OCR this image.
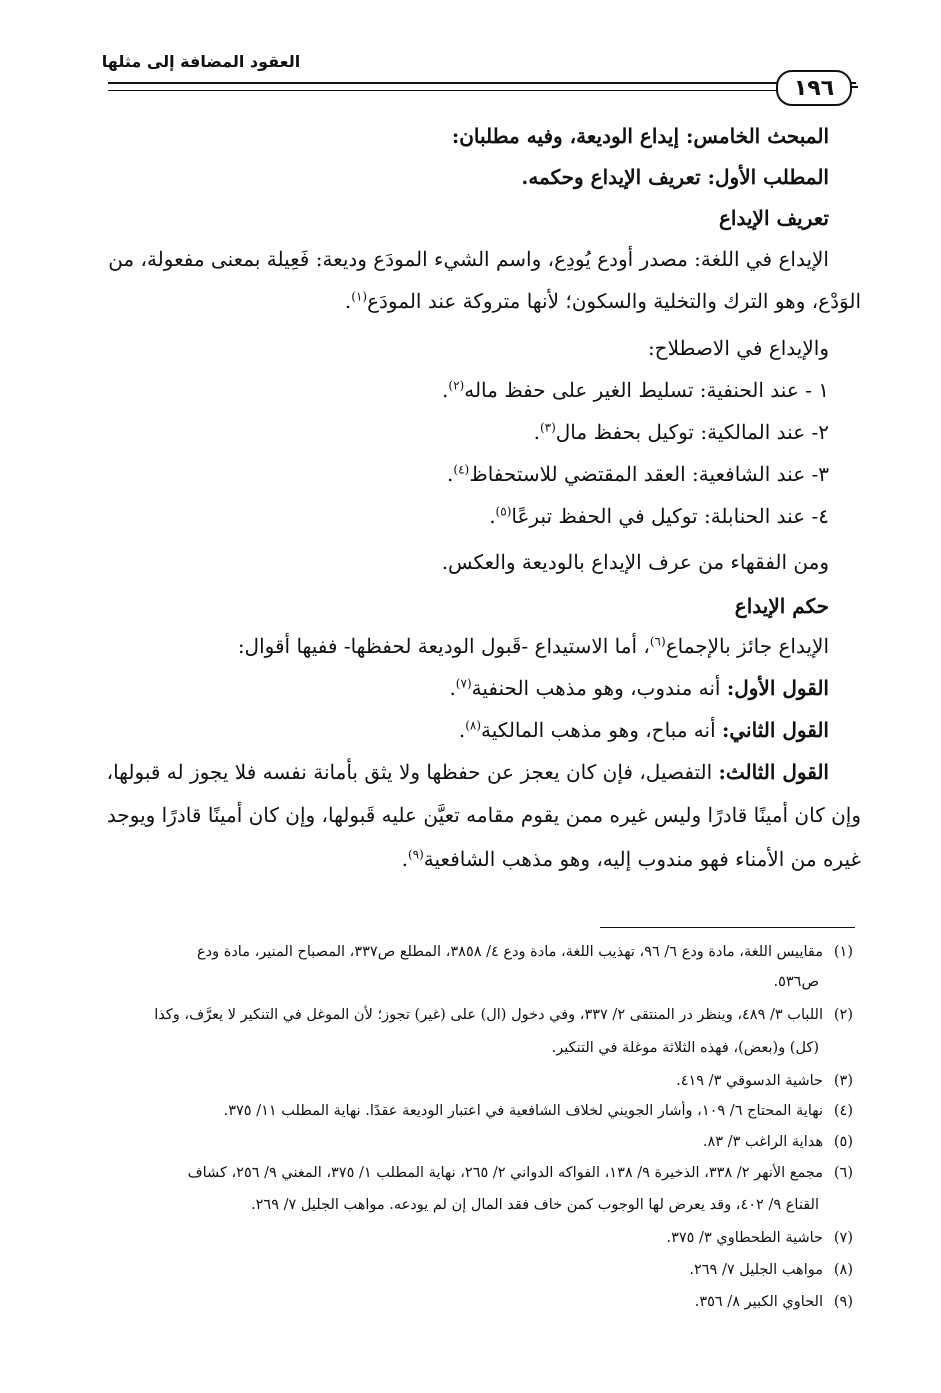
العقود المضافة إلى مثلها
١٩٦
المبحث الخامس: إيداع الوديعة، وفيه مطلبان:
المطلب الأول: تعريف الإيداع وحكمه.
تعريف الإيداع
الإيداع في اللغة: مصدر أودع يُودِع، واسم الشيء المودَع وديعة: فَعِيلة بمعنى مفعولة، من
الوَدْع، وهو الترك والتخلية والسكون؛ لأنها متروكة عند المودَع$^{(١)}$.
والإيداع في الاصطلاح:
١ - عند الحنفية: تسليط الغير على حفظ ماله$^{(٢)}$.
٢- عند المالكية: توكيل بحفظ مال$^{(٣)}$.
٣- عند الشافعية: العقد المقتضي للاستحفاظ$^{(٤)}$.
٤- عند الحنابلة: توكيل في الحفظ تبرعًا$^{(٥)}$.
ومن الفقهاء من عرف الإيداع بالوديعة والعكس.
حكم الإيداع
الإيداع جائز بالإجماع$^{(٦)}$، أما الاستيداع -قَبول الوديعة لحفظها- ففيها أقوال:
القول الأول: أنه مندوب، وهو مذهب الحنفية$^{(٧)}$.
القول الثاني: أنه مباح، وهو مذهب المالكية$^{(٨)}$.
القول الثالث: التفصيل، فإن كان يعجز عن حفظها ولا يثق بأمانة نفسه فلا يجوز له قبولها،
وإن كان أمينًا قادرًا وليس غيره ممن يقوم مقامه تعيَّن عليه قَبولها، وإن كان أمينًا قادرًا ويوجد
غيره من الأمناء فهو مندوب إليه، وهو مذهب الشافعية$^{(٩)}$.
(١)مقاييس اللغة، مادة ودع ٦/ ٩٦، تهذيب اللغة، مادة ودع ٤/ ٣٨٥٨، المطلع ص٣٣٧، المصباح المنير، مادة ودع
ص٥٣٦.
(٢)اللباب ٣/ ٤٨٩، وينظر در المنتقى ٢/ ٣٣٧، وفي دخول (ال) على (غير) تجوز؛ لأن الموغل في التنكير لا يعرَّف، وكذا
(كل) و(بعض)، فهذه الثلاثة موغلة في التنكير.
(٣)حاشية الدسوقي ٣/ ٤١٩.
(٤)نهاية المحتاج ٦/ ١٠٩، وأشار الجويني لخلاف الشافعية في اعتبار الوديعة عقدًا. نهاية المطلب ١١/ ٣٧٥.
(٥)هداية الراغب ٣/ ٨٣.
(٦)مجمع الأنهر ٢/ ٣٣٨، الذخيرة ٩/ ١٣٨، الفواكه الدواني ٢/ ٢٦٥، نهاية المطلب ١/ ٣٧٥، المغني ٩/ ٢٥٦، كشاف
القناع ٩/ ٤٠٢، وقد يعرض لها الوجوب كمن خاف فقد المال إن لم يودعه. مواهب الجليل ٧/ ٢٦٩.
(٧)حاشية الطحطاوي ٣/ ٣٧٥.
(٨)مواهب الجليل ٧/ ٢٦٩.
(٩)الحاوي الكبير ٨/ ٣٥٦.
